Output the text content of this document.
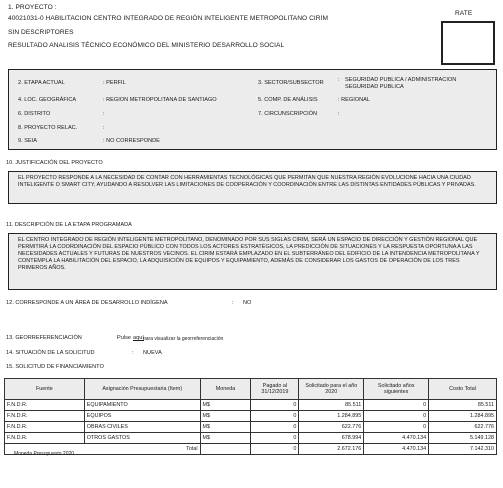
1. PROYECTO :
40021031-0 HABILITACION CENTRO INTEGRADO DE REGIÓN INTELIGENTE METROPOLITANO CIRIM
SIN DESCRIPTORES
RESULTADO ANALISIS TÉCNICO ECONÓMICO DEL MINISTERIO DESARROLLO SOCIAL
RATE
2. ETAPA ACTUAL	: PERFIL
4. LOC. GEOGRÁFICA	: REGION METROPOLITANA DE SANTIAGO
6. DISTRITO	:
8. PROYECTO RELAC.	:
9. SEIA	: NO CORRESPONDE
3. SECTOR/SUBSECTOR	: SEGURIDAD PUBLICA / ADMINISTRACION
SEGURIDAD PUBLICA
5. COMP. DE ANÁLISIS	: REGIONAL
7. CIRCUNSCRIPCIÓN	:
10. JUSTIFICACIÓN DEL PROYECTO
EL PROYECTO RESPONDE A LA NECESIDAD DE CONTAR CON HERRAMIENTAS TECNOLÓGICAS QUE PERMITAN QUE NUESTRA REGIÓN EVOLUCIONE HACIA UNA CIUDAD INTELIGENTE O SMART CITY, AYUDANDO A RESOLVER LAS LIMITACIONES DE COOPERACIÓN Y COORDINACIÓN ENTRE LAS DISTINTAS ENTIDADES PÚBLICAS Y PRIVADAS.
11. DESCRIPCIÓN DE LA ETAPA PROGRAMADA
EL CENTRO INTEGRADO DE REGIÓN INTELIGENTE METROPOLITANO, DENOMINADO POR SUS SIGLAS CIRIM, SERÁ UN ESPACIO DE DIRECCIÓN Y GESTIÓN REGIONAL QUE PERMITIRÁ LA COORDINACIÓN DEL ESPACIO PÚBLICO CON TODOS LOS ACTORES ESTRATÉGICOS, LA PREDICCIÓN DE SITUACIONES Y LA RESPUESTA OPORTUNA A LAS NECESIDADES ACTUALES Y FUTURAS DE NUESTROS VECINOS. EL CIRIM ESTARÁ EMPLAZADO EN EL SUBTERRÁNEO DEL EDIFICIO DE LA INTENDENCIA METROPOLITANA Y CONTEMPLA LA HABILITACIÓN DEL ESPACIO, LA ADQUISICIÓN DE EQUIPOS Y EQUIPAMIENTO, ADEMÁS DE CONSIDERAR LOS GASTOS DE OPERACIÓN DE LOS TRES PRIMEROS AÑOS.
12. CORRESPONDE A UN ÁREA DE DESARROLLO INDÍGENA	: NO
13. GEORREFERENCIACIÓN	Pulse aquí para visualizar la georreferenciación
14. SITUACIÓN DE LA SOLICITUD	: NUEVA
15. SOLICITUD DE FINANCIAMIENTO
Fuente	Asignación Presupuestaria (Item)	Moneda	Pagado al 31/12/2019	Solicitado para el año 2020	Solicitado años siguientes	Costo Total
F.N.D.R.	EQUIPAMIENTO	M$	0	85.511	0	85.511
F.N.D.R.	EQUIPOS	M$	0	1.284.895	0	1.284.895
F.N.D.R.	OBRAS CIVILES	M$	0	622.776	0	622.776
F.N.D.R.	OTROS GASTOS	M$	0	678.994	4.470.134	5.149.128
Total			0	2.672.176	4.470.134	7.142.310
Moneda Presupuesto 2020
